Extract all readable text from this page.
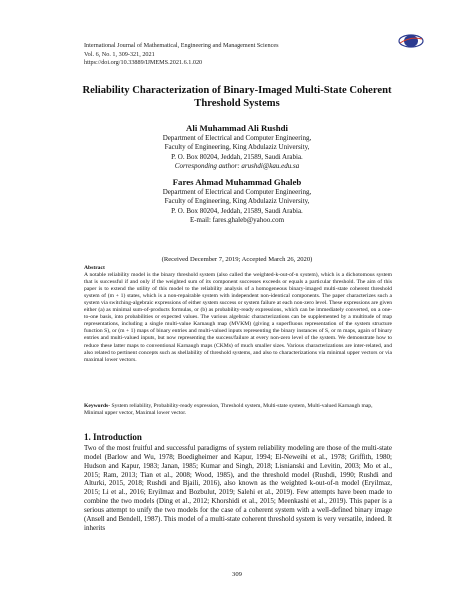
International Journal of Mathematical, Engineering and Management Sciences
Vol. 6, No. 1, 309-321, 2021
https://doi.org/10.33889/IJMEMS.2021.6.1.020
Reliability Characterization of Binary-Imaged Multi-State Coherent Threshold Systems
Ali Muhammad Ali Rushdi
Department of Electrical and Computer Engineering,
Faculty of Engineering, King Abdulaziz University,
P. O. Box 80204, Jeddah, 21589, Saudi Arabia.
Corresponding author: arushdi@kau.edu.sa
Fares Ahmad Muhammad Ghaleb
Department of Electrical and Computer Engineering,
Faculty of Engineering, King Abdulaziz University,
P. O. Box 80204, Jeddah, 21589, Saudi Arabia.
E-mail: fares.ghaleb@yahoo.com
(Received December 7, 2019; Accepted March 26, 2020)
Abstract
A notable reliability model is the binary threshold system (also called the weighted-k-out-of-n system), which is a dichotomous system that is successful if and only if the weighted sum of its component successes exceeds or equals a particular threshold. The aim of this paper is to extend the utility of this model to the reliability analysis of a homogeneous binary-imaged multi-state coherent threshold system of (m + 1) states, which is a non-repairable system with independent non-identical components. The paper characterizes such a system via switching-algebraic expressions of either system success or system failure at each non-zero level. These expressions are given either (a) as minimal sum-of-products formulas, or (b) as probability-ready expressions, which can be immediately converted, on a one-to-one basis, into probabilities or expected values. The various algebraic characterizations can be supplemented by a multitude of map representations, including a single multi-value Karnaugh map (MVKM) (giving a superfluous representation of the system structure function S), or (m + 1) maps of binary entries and multi-valued inputs representing the binary instances of S, or m maps, again of binary entries and multi-valued inputs, but now representing the success/failure at every non-zero level of the system. We demonstrate how to reduce these latter maps to conventional Karnaugh maps (CKMs) of much smaller sizes. Various characterizations are inter-related, and also related to pertinent concepts such as shellability of threshold systems, and also to characterizations via minimal upper vectors or via maximal lower vectors.
Keywords- System reliability, Probability-ready expression, Threshold system, Multi-state system, Multi-valued Karnaugh map, Minimal upper vector, Maximal lower vector.
1. Introduction
Two of the most fruitful and successful paradigms of system reliability modeling are those of the multi-state model (Barlow and Wu, 1978; Boedigheimer and Kapur, 1994; El-Neweihi et al., 1978; Griffith, 1980; Hudson and Kapur, 1983; Janan, 1985; Kumar and Singh, 2018; Lisnianski and Levitin, 2003; Mo et al., 2015; Ram, 2013; Tian et al., 2008; Wood, 1985), and the threshold model (Rushdi, 1990; Rushdi and Alturki, 2015, 2018; Rushdi and Bjaili, 2016), also known as the weighted k-out-of-n model (Eryilmaz, 2015; Li et al., 2016; Eryilmaz and Bozbulut, 2019; Salehi et al., 2019). Few attempts have been made to combine the two models (Ding et al., 2012; Khorshidi et al., 2015; Meenkashi et al., 2019). This paper is a serious attempt to unify the two models for the case of a coherent system with a well-defined binary image (Ansell and Bendell, 1987). This model of a multi-state coherent threshold system is very versatile, indeed. It inherits
309
